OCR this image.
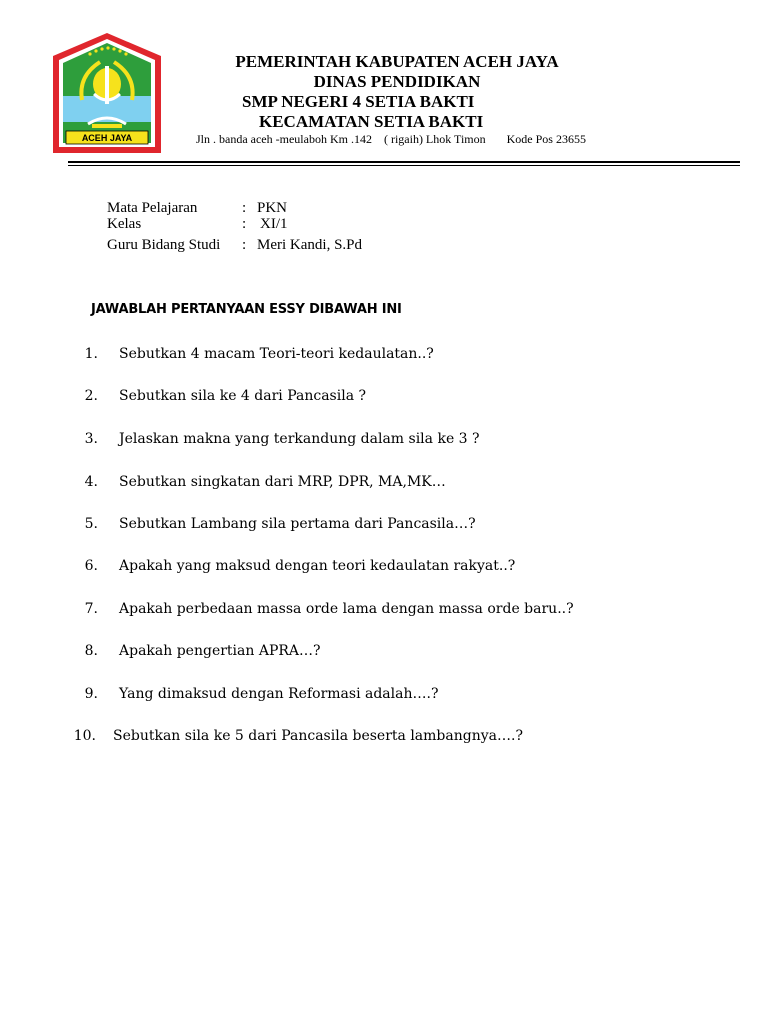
ACEH JAYA
PEMERINTAH KABUPATEN ACEH JAYA
DINAS PENDIDIKAN
SMP NEGERI 4 SETIA BAKTI
KECAMATAN SETIA BAKTI
Jln . banda aceh -meulaboh Km .142    ( rigaih) Lhok Timon       Kode Pos 23655
Mata Pelajaran	: PKN
Kelas	: XI/1
Guru Bidang Studi : Meri Kandi, S.Pd
JAWABLAH PERTANYAAN ESSY DIBAWAH INI
1. Sebutkan 4 macam Teori-teori kedaulatan..?
2. Sebutkan sila ke 4 dari Pancasila ?
3. Jelaskan makna yang terkandung dalam sila ke 3 ?
4. Sebutkan singkatan dari MRP, DPR, MA,MK…
5. Sebutkan Lambang sila pertama dari Pancasila…?
6. Apakah yang maksud dengan teori kedaulatan rakyat..?
7. Apakah perbedaan massa orde lama dengan massa orde baru..?
8. Apakah pengertian APRA…?
9. Yang dimaksud dengan Reformasi adalah….?
10. Sebutkan sila ke 5 dari Pancasila beserta lambangnya….?
